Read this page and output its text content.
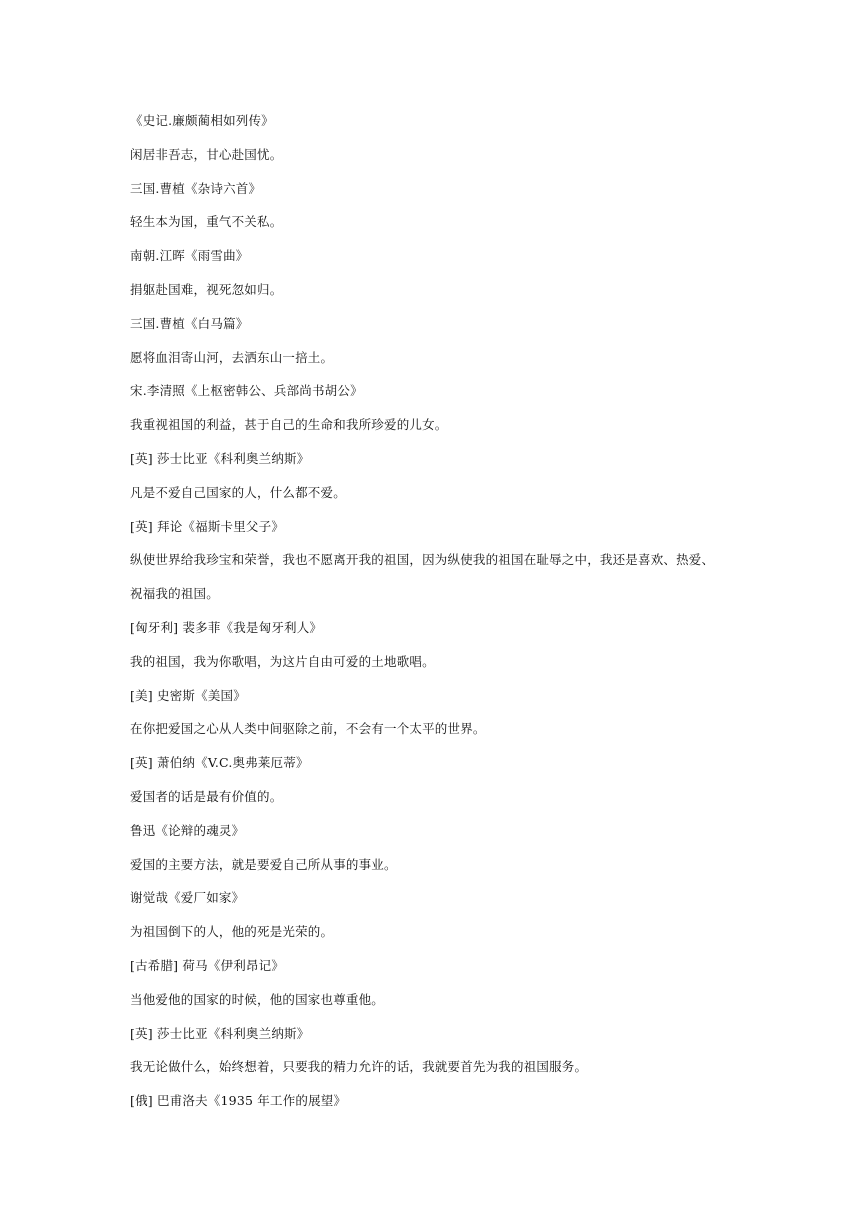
《史记.廉颇蔺相如列传》
闲居非吾志，甘心赴国忧。
三国.曹植《杂诗六首》
轻生本为国，重气不关私。
南朝.江晖《雨雪曲》
捐躯赴国难，视死忽如归。
三国.曹植《白马篇》
愿将血泪寄山河，去洒东山一掊土。
宋.李清照《上枢密韩公、兵部尚书胡公》
我重视祖国的利益，甚于自己的生命和我所珍爱的儿女。
[英] 莎士比亚《科利奥兰纳斯》
凡是不爱自己国家的人，什么都不爱。
[英] 拜论《福斯卡里父子》
纵使世界给我珍宝和荣誉，我也不愿离开我的祖国，因为纵使我的祖国在耻辱之中，我还是喜欢、热爱、
祝福我的祖国。
[匈牙利] 裴多菲《我是匈牙利人》
我的祖国，我为你歌唱，为这片自由可爱的土地歌唱。
[美] 史密斯《美国》
在你把爱国之心从人类中间驱除之前，不会有一个太平的世界。
[英] 萧伯纳《V.C.奥弗莱厄蒂》
爱国者的话是最有价值的。
鲁迅《论辩的魂灵》
爱国的主要方法，就是要爱自己所从事的事业。
谢觉哉《爱厂如家》
为祖国倒下的人，他的死是光荣的。
[古希腊] 荷马《伊利昂记》
当他爱他的国家的时候，他的国家也尊重他。
[英] 莎士比亚《科利奥兰纳斯》
我无论做什么，始终想着，只要我的精力允许的话，我就要首先为我的祖国服务。
[俄] 巴甫洛夫《1935 年工作的展望》
